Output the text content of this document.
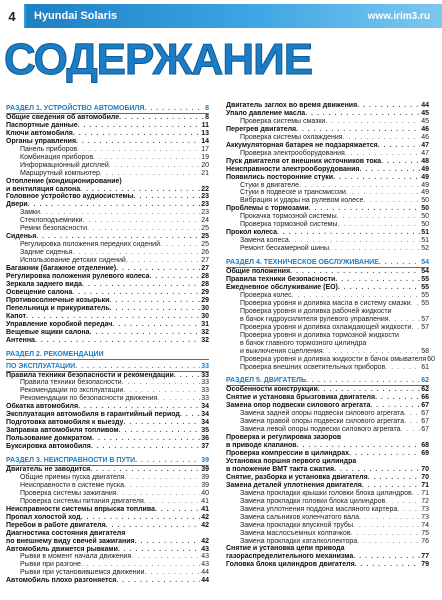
4	Hyundai Solaris	www.irim3.ru
СОДЕРЖАНИЕ
РАЗДЕЛ 1. УСТРОЙСТВО АВТОМОБИЛЯ . . .	8
Общие сведения об автомобиле . . .	8
Паспортные данные . . .	11
Ключи автомобиля . . .	13
Органы управления . . .	14
Панель приборов . . .	17
Комбинация приборов . . .	19
Информационный дисплей . . .	20
Маршрутный компьютер . . .	21
Отопление (кондиционирование)
и вентиляция салона . . .	22
Головное устройство аудиосистемы . . .	23
Двери . . .	23
Замки . . .	23
Стеклоподъемники . . .	24
Ремни безопасности . . .	25
Сиденья . . .	25
Регулировка положения передних сидений . . .	25
Задние сиденья . . .	26
Использование детских сидений . . .	27
Багажник (багажное отделение) . . .	27
Регулировка положения рулевого колеса . . .	28
Зеркала заднего вида . . .	28
Освещение салона . . .	29
Противосолнечные козырьки . . .	29
Пепельница и прикуриватель . . .	30
Капот . . .	30
Управление коробкой передач . . .	31
Вещевые ящики салона . . .	32
Антенна . . .	32
РАЗДЕЛ 2. РЕКОМЕНДАЦИИ
ПО ЭКСПЛУАТАЦИИ . . .	33
Правила техники безопасности и рекомендации . . .	33
Правила техники безопасности . . .	33
Рекомендации по эксплуатации . . .	33
Рекомендации по безопасности движения . . .	33
Обкатка автомобиля . . .	34
Эксплуатация автомобиля в гарантийный период . . .	34
Подготовка автомобиля к выезду . . .	34
Заправка автомобиля топливом . . .	35
Пользование домкратом . . .	36
Буксировка автомобиля . . .	37
РАЗДЕЛ 3. НЕИСПРАВНОСТИ В ПУТИ . . .	39
Двигатель не заводится . . .	39
Общие приемы пуска двигателя . . .	39
Неисправности в системе пуска . . .	39
Проверка системы зажигания . . .	40
Проверка системы питания двигателя . . .	41
Неисправности системы впрыска топлива . . .	41
Пропал холостой ход . . .	42
Перебои в работе двигателя . . .	42
Диагностика состояния двигателя
по внешнему виду свечей зажигания . . .	42
Автомобиль движется рывками . . .	43
Рывки в момент начала движения . . .	43
Рывки при разгоне . . .	43
Рывки при установившемся движении . . .	44
Автомобиль плохо разгоняется . . .	44
Двигатель заглох во время движения . . .	44
Упало давление масла . . .	45
Проверка системы смазки . . .	45
Перегрев двигателя . . .	46
Проверка системы охлаждения . . .	46
Аккумуляторная батарея не подзаряжается . . .	47
Проверка электрооборудования . . .	47
Пуск двигателя от внешних источников тока . . .	48
Неисправности электрооборудования . . .	49
Появились посторонние стуки . . .	49
Стуки в двигателе . . .	49
Стуки в подвеске и трансмиссии . . .	49
Вибрация и удары на рулевом колесе . . .	50
Проблемы с тормозами . . .	50
Прокачка тормозной системы . . .	50
Проверка тормозной системы . . .	50
Прокол колеса . . .	51
Замена колеса . . .	51
Ремонт бескамерной шины . . .	52
РАЗДЕЛ 4. ТЕХНИЧЕСКОЕ ОБСЛУЖИВАНИЕ . . .	54
Общие положения . . .	54
Правила техники безопасности . . .	55
Ежедневное обслуживание (ЕО) . . .	55
Проверка колес . . .	55
Проверка уровня и доливка масла в систему смазки . . . 55
Проверка уровня и доливка рабочей жидкости
в бачок гидроусилителя рулевого управления . . .	57
Проверка уровня и доливка охлаждающей жидкости . . . 57
Проверка уровня и доливка тормозной жидкости
в бачок главного тормозного цилиндра
и выключения сцепления . . .	58
Проверка уровня и доливка жидкости в бачок омывателя 60
Проверка внешних осветительных приборов . . .	61
РАЗДЕЛ 5. ДВИГАТЕЛЬ . . .	62
Особенности конструкции . . .	62
Снятие и установка брызговика двигателя . . .	66
Замена опор подвески силового агрегата . . .	67
Замена задней опоры подвески силового агрегата . . . 67
Замена правой опоры подвески силового агрегата . . . 67
Замена левой опоры подвески силового агрегата . . .	67
Проверка и регулировка зазоров
в приводе клапанов . . .	68
Проверка компрессии в цилиндрах . . .	69
Установка поршня первого цилиндра
в положение ВМТ такта сжатия . . .	70
Снятие, разборка и установка двигателя . . .	70
Замена деталей уплотнения двигателя . . .	71
Замена прокладки крышки головки блока цилиндров . . . 71
Замена прокладки головки блока цилиндров . . .	72
Замена уплотнения поддона масляного картера . . .	73
Замена сальников коленчатого вала . . .	73
Замена прокладки впускной трубы . . .	74
Замена маслосъемных колпачков . . .	75
Замена прокладки каталколлектора . . .	76
Снятие и установка цепи привода
газораспределительного механизма . . .	77
Головка блока цилиндров двигателя . . .	79
